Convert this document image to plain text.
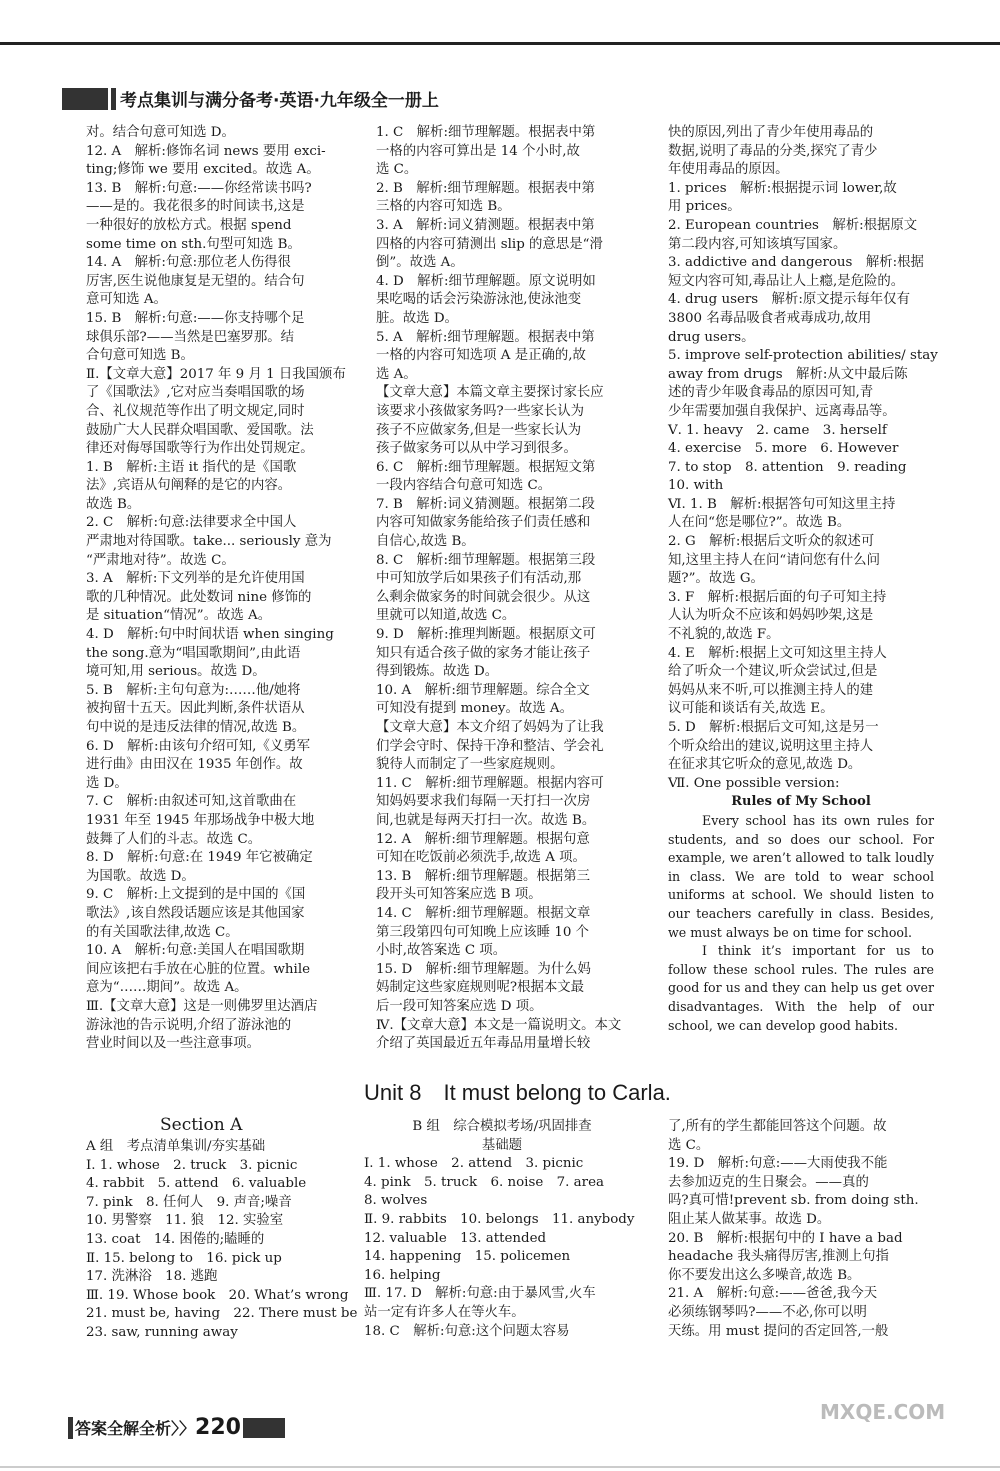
考点集训与满分备考·英语·九年级全一册上

对。结合句意可知选 D。

12. A　解析:修饰名词 news 要用 exci-

ting;修饰 we 要用 excited。故选 A。

13. B　解析:句意:——你经常读书吗?

——是的。我花很多的时间读书,这是

一种很好的放松方式。根据 spend

some time on sth.句型可知选 B。

14. A　解析:句意:那位老人伤得很

厉害,医生说他康复是无望的。结合句

意可知选 A。

15. B　解析:句意:——你支持哪个足

球俱乐部?——当然是巴塞罗那。结

合句意可知选 B。

Ⅱ.【文章大意】2017 年 9 月 1 日我国颁布

了《国歌法》,它对应当奏唱国歌的场

合、礼仪规范等作出了明文规定,同时

鼓励广大人民群众唱国歌、爱国歌。法

律还对侮辱国歌等行为作出处罚规定。

1. B　解析:主语 it 指代的是《国歌

法》,宾语从句阐释的是它的内容。

故选 B。

2. C　解析:句意:法律要求全中国人

严肃地对待国歌。take... seriously 意为

“严肃地对待”。故选 C。

3. A　解析:下文列举的是允许使用国

歌的几种情况。此处数词 nine 修饰的

是 situation“情况”。故选 A。

4. D　解析:句中时间状语 when singing

the song.意为“唱国歌期间”,由此语

境可知,用 serious。故选 D。

5. B　解析:主句句意为:……他/她将

被拘留十五天。因此判断,条件状语从

句中说的是违反法律的情况,故选 B。

6. D　解析:由该句介绍可知,《义勇军

进行曲》由田汉在 1935 年创作。故

选 D。

7. C　解析:由叙述可知,这首歌曲在

1931 年至 1945 年那场战争中极大地

鼓舞了人们的斗志。故选 C。

8. D　解析:句意:在 1949 年它被确定

为国歌。故选 D。

9. C　解析:上文提到的是中国的《国

歌法》,该自然段话题应该是其他国家

的有关国歌法律,故选 C。

10. A　解析:句意:美国人在唱国歌期

间应该把右手放在心脏的位置。while

意为“……期间”。故选 A。

Ⅲ.【文章大意】这是一则佛罗里达酒店

游泳池的告示说明,介绍了游泳池的

营业时间以及一些注意事项。

1. C　解析:细节理解题。根据表中第

一格的内容可算出是 14 个小时,故

选 C。

2. B　解析:细节理解题。根据表中第

三格的内容可知选 B。

3. A　解析:词义猜测题。根据表中第

四格的内容可猜测出 slip 的意思是“滑

倒”。故选 A。

4. D　解析:细节理解题。原文说明如

果吃喝的话会污染游泳池,使泳池变

脏。故选 D。

5. A　解析:细节理解题。根据表中第

一格的内容可知选项 A 是正确的,故

选 A。

【文章大意】本篇文章主要探讨家长应

该要求小孩做家务吗?一些家长认为

孩子不应做家务,但是一些家长认为

孩子做家务可以从中学习到很多。

6. C　解析:细节理解题。根据短文第

一段内容结合句意可知选 C。

7. B　解析:词义猜测题。根据第二段

内容可知做家务能给孩子们责任感和

自信心,故选 B。

8. C　解析:细节理解题。根据第三段

中可知放学后如果孩子们有活动,那

么剩余做家务的时间就会很少。从这

里就可以知道,故选 C。

9. D　解析:推理判断题。根据原文可

知只有适合孩子做的家务才能让孩子

得到锻炼。故选 D。

10. A　解析:细节理解题。综合全文

可知没有提到 money。故选 A。

【文章大意】本文介绍了妈妈为了让我

们学会守时、保持干净和整洁、学会礼

貌待人而制定了一些家庭规则。

11. C　解析:细节理解题。根据内容可

知妈妈要求我们每隔一天打扫一次房

间,也就是每两天打扫一次。故选 B。

12. A　解析:细节理解题。根据句意

可知在吃饭前必须洗手,故选 A 项。

13. B　解析:细节理解题。根据第三

段开头可知答案应选 B 项。

14. C　解析:细节理解题。根据文章

第三段第四句可知晚上应该睡 10 个

小时,故答案选 C 项。

15. D　解析:细节理解题。为什么妈

妈制定这些家庭规则呢?根据本文最

后一段可知答案应选 D 项。

Ⅳ.【文章大意】本文是一篇说明文。本文

介绍了英国最近五年毒品用量增长较

快的原因,列出了青少年使用毒品的

数据,说明了毒品的分类,探究了青少

年使用毒品的原因。

1. prices　解析:根据提示词 lower,故

用 prices。

2. European countries　解析:根据原文

第二段内容,可知该填写国家。

3. addictive and dangerous　解析:根据

短文内容可知,毒品让人上瘾,是危险的。

4. drug users　解析:原文提示每年仅有

3800 名毒品吸食者戒毒成功,故用

drug users。

5. improve self-protection abilities/ stay

away from drugs　解析:从文中最后陈

述的青少年吸食毒品的原因可知,青

少年需要加强自我保护、远离毒品等。

Ⅴ. 1. heavy　2. came　3. herself

4. exercise　5. more　6. However

7. to stop　8. attention　9. reading

10. with

Ⅵ. 1. B　解析:根据答句可知这里主持

人在问“您是哪位?”。故选 B。

2. G　解析:根据后文听众的叙述可

知,这里主持人在问“请问您有什么问

题?”。故选 G。

3. F　解析:根据后面的句子可知主持

人认为听众不应该和妈妈吵架,这是

不礼貌的,故选 F。

4. E　解析:根据上文可知这里主持人

给了听众一个建议,听众尝试过,但是

妈妈从来不听,可以推测主持人的建

议可能和谈话有关,故选 E。

5. D　解析:根据后文可知,这是另一

个听众给出的建议,说明这里主持人

在征求其它听众的意见,故选 D。

Ⅶ. One possible version:

Rules of My School

Every school has its own rules for students, and so does our school. For example, we aren’t allowed to talk loudly in class. We are told to wear school uniforms at school. We should listen to our teachers carefully in class. Besides, we must always be on time for school.

I think it’s important for us to follow these school rules. The rules are good for us and they can help us get over disadvantages. With the help of our school, we can develop good habits.

Unit 8　It must belong to Carla.
Section A

A 组　考点清单集训/夯实基础

Ⅰ. 1. whose　2. truck　3. picnic

4. rabbit　5. attend　6. valuable

7. pink　8. 任何人　9. 声音;噪音

10. 男警察　11. 狼　12. 实验室

13. coat　14. 困倦的;瞌睡的

Ⅱ. 15. belong to　16. pick up

17. 洗淋浴　18. 逃跑

Ⅲ. 19. Whose book　20. What’s wrong

21. must be, having　22. There must be

23. saw, running away

B 组　综合模拟考场/巩固排查

基础题

Ⅰ. 1. whose　2. attend　3. picnic

4. pink　5. truck　6. noise　7. area

8. wolves

Ⅱ. 9. rabbits　10. belongs　11. anybody

12. valuable　13. attended

14. happening　15. policemen

16. helping

Ⅲ. 17. D　解析:句意:由于暴风雪,火车

站一定有许多人在等火车。

18. C　解析:句意:这个问题太容易

了,所有的学生都能回答这个问题。故

选 C。

19. D　解析:句意:——大雨使我不能

去参加迈克的生日聚会。——真的

吗?真可惜!prevent sb. from doing sth.

阻止某人做某事。故选 D。

20. B　解析:根据句中的 I have a bad

headache 我头痛得厉害,推测上句指

你不要发出这么多噪音,故选 B。

21. A　解析:句意:——爸爸,我今天

必须练钢琴吗?——不必,你可以明

天练。用 must 提问的否定回答,一般

答案全解全析〉〉220
MXQE.COM
